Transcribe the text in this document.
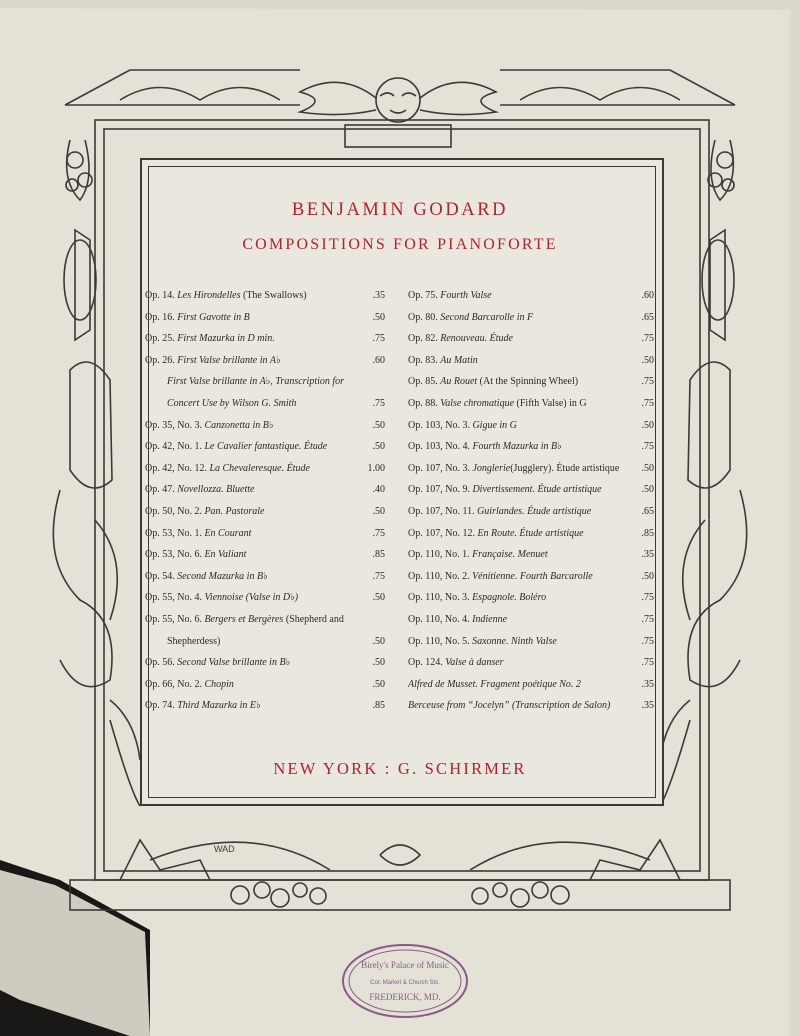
WAD
BENJAMIN GODARD
COMPOSITIONS FOR PIANOFORTE
Op. 14. Les Hirondelles (The Swallows)	.35
Op. 16. First Gavotte in B	.50
Op. 25. First Mazurka in D min.	.75
Op. 26. First Valse brillante in A♭	.60
First Valse brillante in A♭, Transcription for
Concert Use by Wilson G. Smith	.75
Op. 35, No. 3. Canzonetta in B♭	.50
Op. 42, No. 1. Le Cavalier fantastique. Étude	.50
Op. 42, No. 12. La Chevaleresque. Étude	1.00
Op. 47. Novellozza. Bluette	.40
Op. 50, No. 2. Pan. Pastorale	.50
Op. 53, No. 1. En Courant	.75
Op. 53, No. 6. En Valiant	.85
Op. 54. Second Mazurka in B♭	.75
Op. 55, No. 4. Viennoise (Valse in D♭)	.50
Op. 55, No. 6. Bergers et Bergères (Shepherd and
Shepherdess)	.50
Op. 56. Second Valse brillante in B♭	.50
Op. 66, No. 2. Chopin	.50
Op. 74. Third Mazurka in E♭	.85
Op. 75. Fourth Valse	.60
Op. 80. Second Barcarolle in F	.65
Op. 82. Renouveau. Étude	.75
Op. 83. Au Matin	.50
Op. 85. Au Rouet (At the Spinning Wheel)	.75
Op. 88. Valse chromatique (Fifth Valse) in G	.75
Op. 103, No. 3. Gigue in G	.50
Op. 103, No. 4. Fourth Mazurka in B♭	.75
Op. 107, No. 3. Jonglerie(Jugglery). Étude artistique .50
Op. 107, No. 9. Divertissement. Étude artistique	.50
Op. 107, No. 11. Guirlandes. Étude artistique	.65
Op. 107, No. 12. En Route. Étude artistique	.85
Op. 110, No. 1. Française. Menuet	.35
Op. 110, No. 2. Vénitienne. Fourth Barcarolle	.50
Op. 110, No. 3. Espagnole. Boléro	.75
Op. 110, No. 4. Indienne	.75
Op. 110, No. 5. Saxonne. Ninth Valse	.75
Op. 124. Valse à danser	.75
Alfred de Musset. Fragment poétique No. 2	.35
Berceuse from “Jocelyn” (Transcription de Salon)	.35
NEW YORK : G. SCHIRMER
Birely's Palace of Music
Cor. Market & Church Sts.
FREDERICK, MD.
